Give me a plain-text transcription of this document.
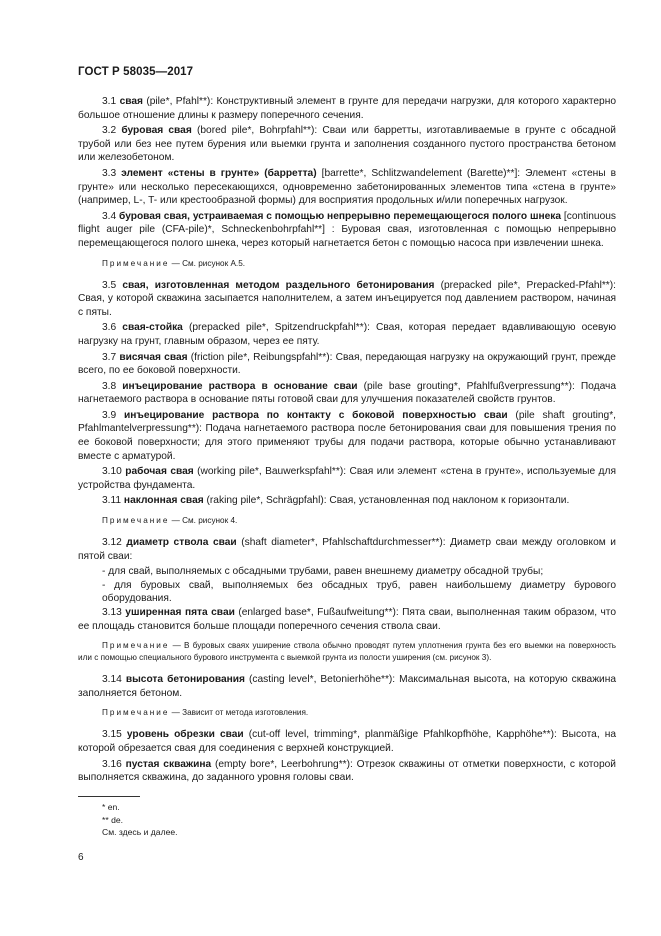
ГОСТ Р 58035—2017

3.1 свая (pile*, Pfahl**): Конструктивный элемент в грунте для передачи нагрузки, для которого характерно большое отношение длины к размеру поперечного сечения.

3.2 буровая свая (bored pile*, Bohrpfahl**): Сваи или барретты, изготавливаемые в грунте с обсадной трубой или без нее путем бурения или выемки грунта и заполнения созданного пустого пространства бетоном или железобетоном.

3.3 элемент «стены в грунте» (барретта) [barrette*, Schlitzwandelement (Barette)**]: Элемент «стены в грунте» или несколько пересекающихся, одновременно забетонированных элементов типа «стена в грунте» (например, L-, T- или крестообразной формы) для восприятия продольных и/или поперечных нагрузок.

3.4 буровая свая, устраиваемая с помощью непрерывно перемещающегося полого шнека [continuous flight auger pile (CFA-pile)*, Schneckenbohrpfahl**] : Буровая свая, изготовленная с помощью непрерывно перемещающегося полого шнека, через который нагнетается бетон с помощью насоса при извлечении шнека.

Примечание — См. рисунок А.5.

3.5 свая, изготовленная методом раздельного бетонирования (prepacked pile*, Prepacked-Pfahl**): Свая, у которой скважина засыпается наполнителем, а затем инъецируется под давлением раствором, начиная с пяты.

3.6 свая-стойка (prepacked pile*, Spitzendruckpfahl**): Свая, которая передает вдавливающую осевую нагрузку на грунт, главным образом, через ее пяту.

3.7 висячая свая (friction pile*, Reibungspfahl**): Свая, передающая нагрузку на окружающий грунт, прежде всего, по ее боковой поверхности.

3.8 инъецирование раствора в основание сваи (pile base grouting*, Pfahlfußverpressung**): Подача нагнетаемого раствора в основание пяты готовой сваи для улучшения показателей свойств грунтов.

3.9 инъецирование раствора по контакту с боковой поверхностью сваи (pile shaft grouting*, Pfahlmantelverpressung**): Подача нагнетаемого раствора после бетонирования сваи для повышения трения по ее боковой поверхности; для этого применяют трубы для подачи раствора, которые обычно устанавливают вместе с арматурой.

3.10 рабочая свая (working pile*, Bauwerkspfahl**): Свая или элемент «стена в грунте», используемые для устройства фундамента.

3.11 наклонная свая (raking pile*, Schrägpfahl): Свая, установленная под наклоном к горизонтали.

Примечание — См. рисунок 4.

3.12 диаметр ствола сваи (shaft diameter*, Pfahlschaftdurchmesser**): Диаметр сваи между оголовком и пятой сваи:

- для свай, выполняемых с обсадными трубами, равен внешнему диаметру обсадной трубы;

- для буровых свай, выполняемых без обсадных труб, равен наибольшему диаметру бурового оборудования.

3.13 уширенная пята сваи (enlarged base*, Fußaufweitung**): Пята сваи, выполненная таким образом, что ее площадь становится больше площади поперечного сечения ствола сваи.

Примечание — В буровых сваях уширение ствола обычно проводят путем уплотнения грунта без его выемки на поверхность или с помощью специального бурового инструмента с выемкой грунта из полости уширения (см. рисунок 3).

3.14 высота бетонирования (casting level*, Betonierhöhe**): Максимальная высота, на которую скважина заполняется бетоном.

Примечание — Зависит от метода изготовления.

3.15 уровень обрезки сваи (cut-off level, trimming*, planmäßige Pfahlkopfhöhe, Kapphöhe**): Высота, на которой обрезается свая для соединения с верхней конструкцией.

3.16 пустая скважина (empty bore*, Leerbohrung**): Отрезок скважины от отметки поверхности, с которой выполняется скважина, до заданного уровня головы сваи.

* en.
** de.
См. здесь и далее.
6
